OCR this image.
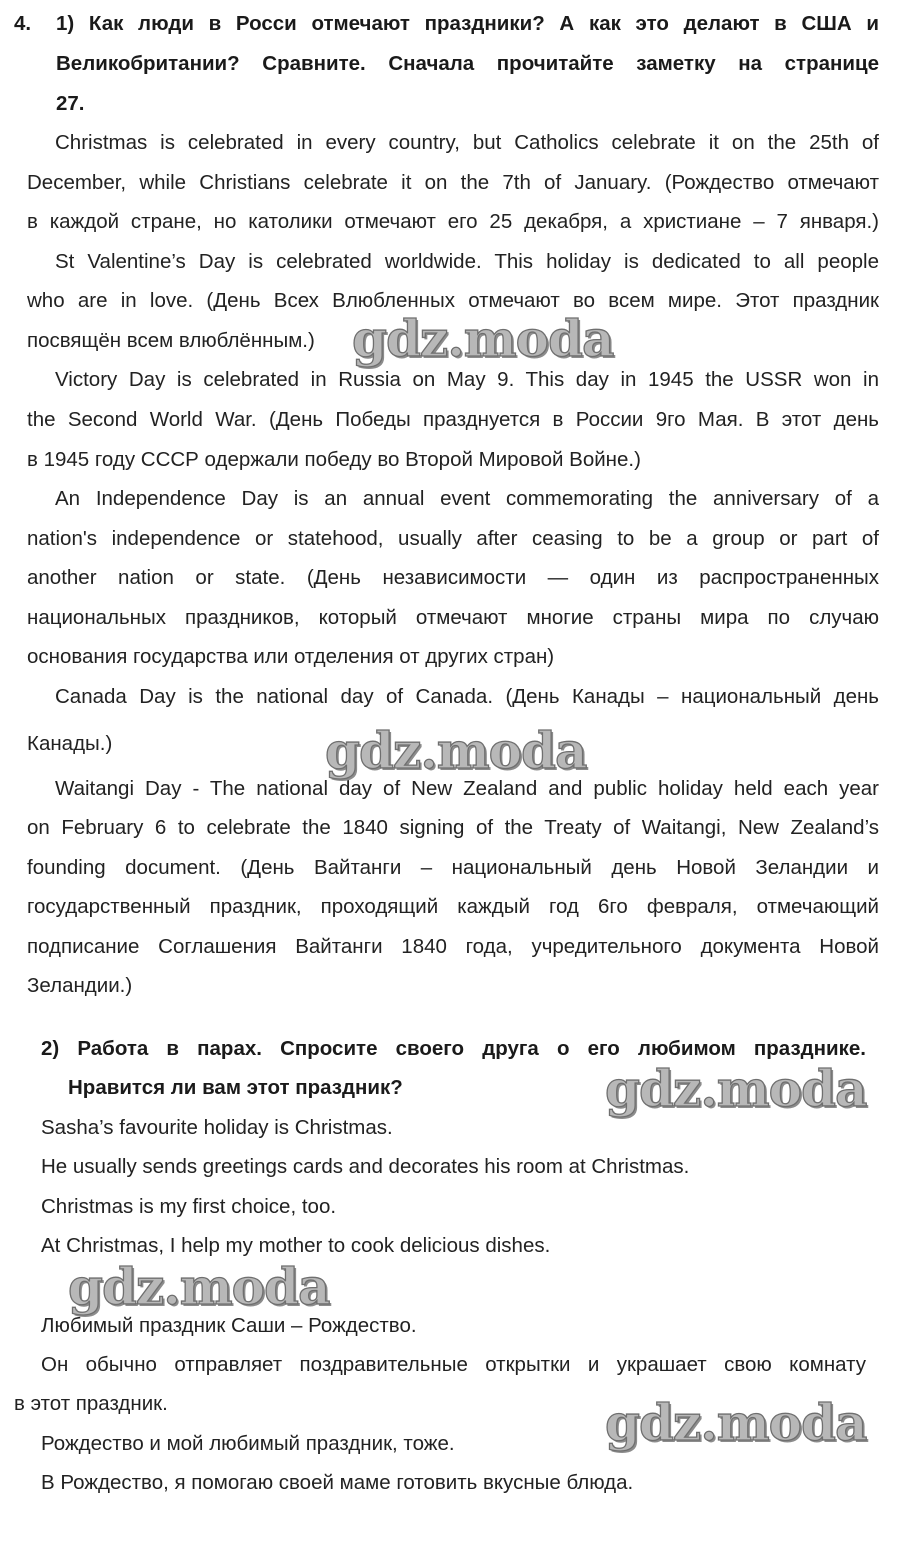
4. 1) Как люди в Росси отмечают праздники? А как это делают в США и
Великобритании? Сравните. Сначала прочитайте заметку на странице
27.
Christmas is celebrated in every country, but Catholics celebrate it on the 25th of
December, while Christians celebrate it on the 7th of January. (Рождество отмечают
в каждой стране, но католики отмечают его 25 декабря, а христиане – 7 января.)
St Valentine’s Day is celebrated worldwide. This holiday is dedicated to all people
who are in love. (День Всех Влюбленных отмечают во всем мире. Этот праздник
посвящён всем влюблённым.)
Victory Day is celebrated in Russia on May 9. This day in 1945 the USSR won in
the Second World War. (День Победы празднуется в России 9го Мая. В этот день
в 1945 году СССР одержали победу во Второй Мировой Войне.)
An Independence Day is an annual event commemorating the anniversary of a
nation's independence or statehood, usually after ceasing to be a group or part of
another nation or state. (День независимости — один из распространенных
национальных праздников, который отмечают многие страны мира по случаю
основания государства или отделения от других стран)
Canada Day is the national day of Canada. (День Канады – национальный день
Канады.)
Waitangi Day - The national day of New Zealand and public holiday held each year
on February 6 to celebrate the 1840 signing of the Treaty of Waitangi, New Zealand’s
founding document. (День Вайтанги – национальный день Новой Зеландии и
государственный праздник, проходящий каждый год 6го февраля, отмечающий
подписание Соглашения Вайтанги 1840 года, учредительного документа Новой
Зеландии.)
2) Работа в парах. Спросите своего друга о его любимом празднике.
Нравится ли вам этот праздник?
Sasha’s favourite holiday is Christmas.
He usually sends greetings cards and decorates his room at Christmas.
Christmas is my first choice, too.
At Christmas, I help my mother to cook delicious dishes.
Любимый праздник Саши – Рождество.
Он обычно отправляет поздравительные открытки и украшает свою комнату
в этот праздник.
Рождество и мой любимый праздник, тоже.
В Рождество, я помогаю своей маме готовить вкусные блюда.
gdz.moda
gdz.moda
gdz.moda
gdz.moda
gdz.moda
